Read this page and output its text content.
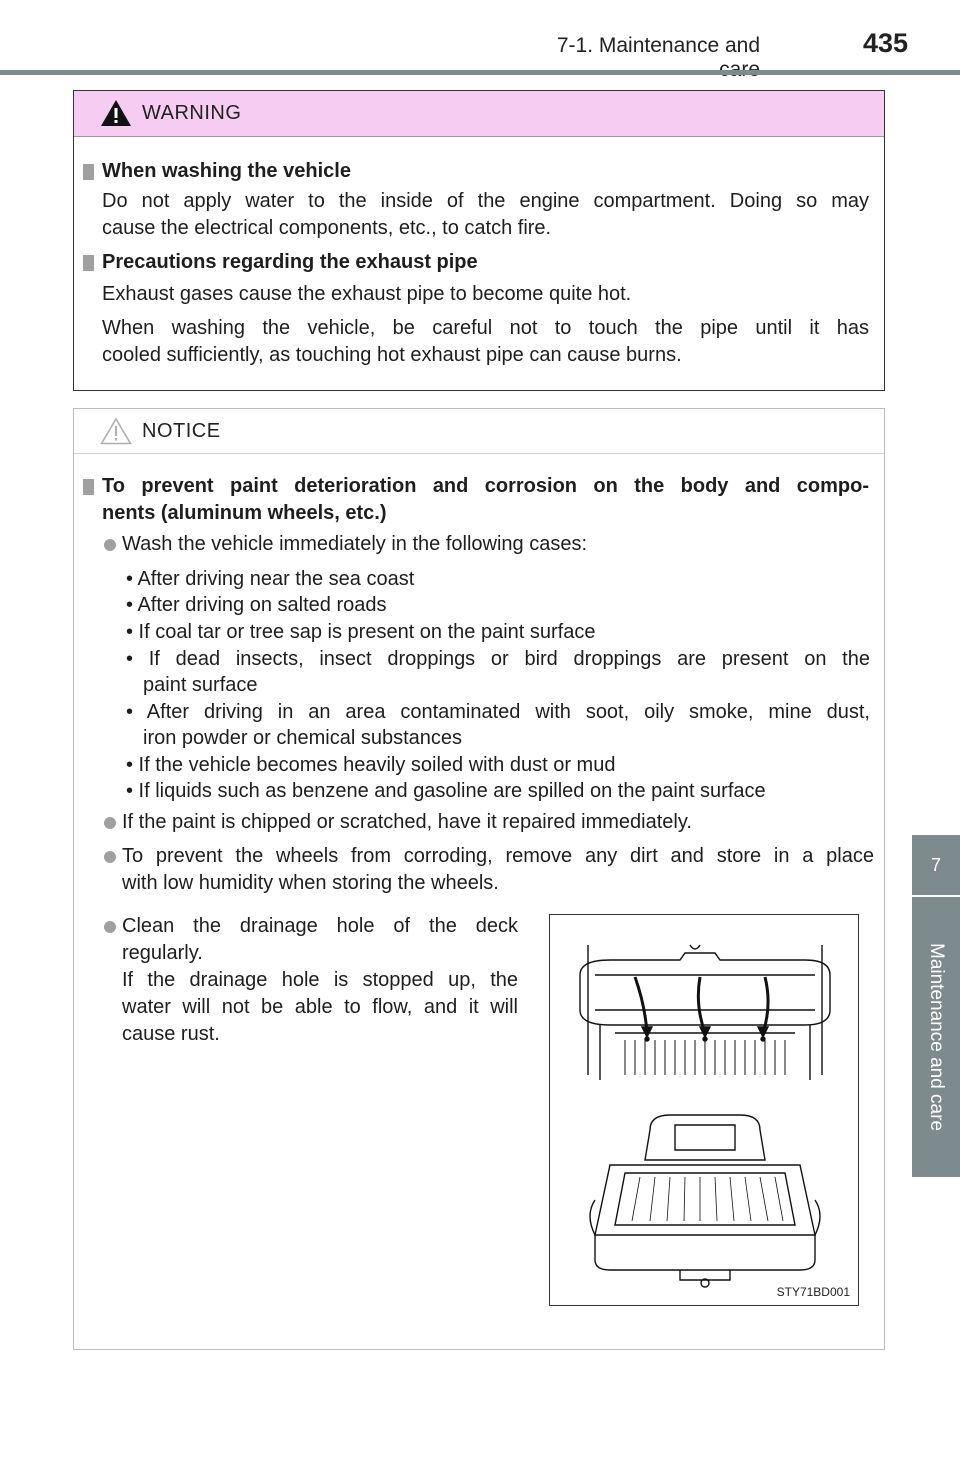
7-1. Maintenance and	435
7
Maintenance and care
WARNING
When washing the vehicle
Do not apply water to the inside of the engine compartment. Doing so may
cause the electrical components, etc., to catch fire.
Precautions regarding the exhaust pipe
Exhaust gases cause the exhaust pipe to become quite hot.
When washing the vehicle, be careful not to touch the pipe until it has
cooled sufficiently, as touching hot exhaust pipe can cause burns.
NOTICE
To prevent paint deterioration and corrosion on the body and compo-
nents (aluminum wheels, etc.)
Wash the vehicle immediately in the following cases:
• After driving near the sea coast
• After driving on salted roads
• If coal tar or tree sap is present on the paint surface
• If dead insects, insect droppings or bird droppings are present on the
paint surface
• After driving in an area contaminated with soot, oily smoke, mine dust,
iron powder or chemical substances
• If the vehicle becomes heavily soiled with dust or mud
• If liquids such as benzene and gasoline are spilled on the paint surface
If the paint is chipped or scratched, have it repaired immediately.
To prevent the wheels from corroding, remove any dirt and store in a place
with low humidity when storing the wheels.
Clean the drainage hole of the deck
regularly.
If the drainage hole is stopped up, the
water will not be able to flow, and it will
cause rust.
STY71BD001
